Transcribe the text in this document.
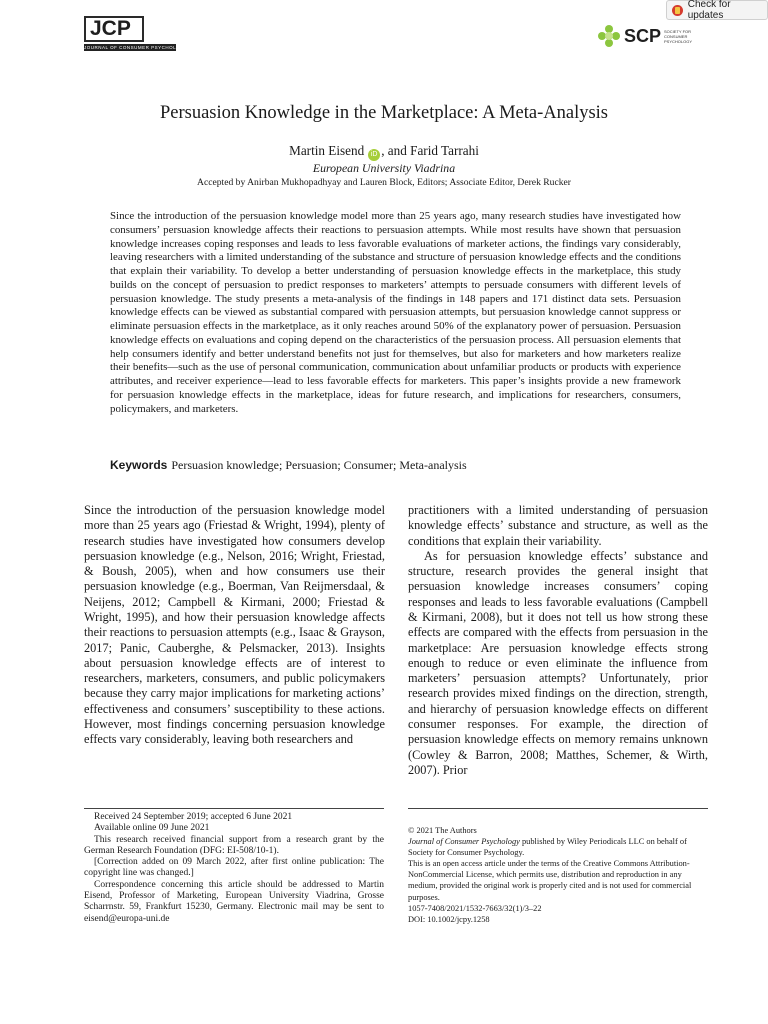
JCP
JOURNAL OF CONSUMER PSYCHOLOGY
Check for updates
SCP SOCIETY FOR CONSUMER PSYCHOLOGY
Persuasion Knowledge in the Marketplace: A Meta-Analysis
Martin Eisend iD , and Farid Tarrahi
European University Viadrina
Accepted by Anirban Mukhopadhyay and Lauren Block, Editors; Associate Editor, Derek Rucker
Since the introduction of the persuasion knowledge model more than 25 years ago, many research studies have investigated how consumers’ persuasion knowledge affects their reactions to persuasion attempts. While most results have shown that persuasion knowledge increases coping responses and leads to less favorable evaluations of marketer actions, the findings vary considerably, leaving researchers with a limited understanding of the substance and structure of persuasion knowledge effects and the conditions that explain their variability. To develop a better understanding of persuasion knowledge effects in the marketplace, this study builds on the concept of persuasion to predict responses to marketers’ attempts to persuade consumers with different levels of persuasion knowledge. The study presents a meta-analysis of the findings in 148 papers and 171 distinct data sets. Persuasion knowledge effects can be viewed as substantial compared with persuasion attempts, but persuasion knowledge cannot suppress or eliminate persuasion effects in the marketplace, as it only reaches around 50% of the explanatory power of persuasion. Persuasion knowledge effects on evaluations and coping depend on the characteristics of the persuasion process. All persuasion elements that help consumers identify and better understand benefits not just for themselves, but also for marketers and how marketers realize their benefits—such as the use of personal communication, communication about unfamiliar products or products with experience attributes, and receiver experience—lead to less favorable effects for marketers. This paper’s insights provide a new framework for persuasion knowledge effects in the marketplace, ideas for future research, and implications for researchers, consumers, policymakers, and marketers.
Keywords Persuasion knowledge; Persuasion; Consumer; Meta-analysis

Since the introduction of the persuasion knowledge model more than 25 years ago (Friestad & Wright, 1994), plenty of research studies have investigated how consumers develop persuasion knowledge (e.g., Nelson, 2016; Wright, Friestad, & Boush, 2005), when and how consumers use their persuasion knowledge (e.g., Boerman, Van Reijmersdaal, & Neijens, 2012; Campbell & Kirmani, 2000; Friestad & Wright, 1995), and how their persuasion knowledge affects their reactions to persuasion attempts (e.g., Isaac & Grayson, 2017; Panic, Cauberghe, & Pelsmacker, 2013). Insights about persuasion knowledge effects are of interest to researchers, marketers, consumers, and public policymakers because they carry major implications for marketing actions’ effectiveness and consumers’ susceptibility to these actions. However, most findings concerning persuasion knowledge effects vary considerably, leaving both researchers and

practitioners with a limited understanding of persuasion knowledge effects’ substance and structure, as well as the conditions that explain their variability.

As for persuasion knowledge effects’ substance and structure, research provides the general insight that persuasion knowledge increases consumers’ coping responses and leads to less favorable evaluations (Campbell & Kirmani, 2008), but it does not tell us how strong these effects are compared with the effects from persuasion in the marketplace: Are persuasion knowledge effects strong enough to reduce or even eliminate the influence from marketers’ persuasion attempts? Unfortunately, prior research provides mixed findings on the direction, strength, and hierarchy of persuasion knowledge effects on different consumer responses. For example, the direction of persuasion knowledge effects on memory remains unknown (Cowley & Barron, 2008; Matthes, Schemer, & Wirth, 2007). Prior

Received 24 September 2019; accepted 6 June 2021

Available online 09 June 2021

This research received financial support from a research grant by the German Research Foundation (DFG: EI-508/10-1).

[Correction added on 09 March 2022, after first online publication: The copyright line was changed.]

Correspondence concerning this article should be addressed to Martin Eisend, Professor of Marketing, European University Viadrina, Grosse Scharrnstr. 59, Frankfurt 15230, Germany. Electronic mail may be sent to eisend@europa-uni.de

© 2021 The Authors

Journal of Consumer Psychology published by Wiley Periodicals LLC on behalf of Society for Consumer Psychology.

This is an open access article under the terms of the Creative Commons Attribution-NonCommercial License, which permits use, distribution and reproduction in any medium, provided the original work is properly cited and is not used for commercial purposes.

1057-7408/2021/1532-7663/32(1)/3–22

DOI: 10.1002/jcpy.1258
